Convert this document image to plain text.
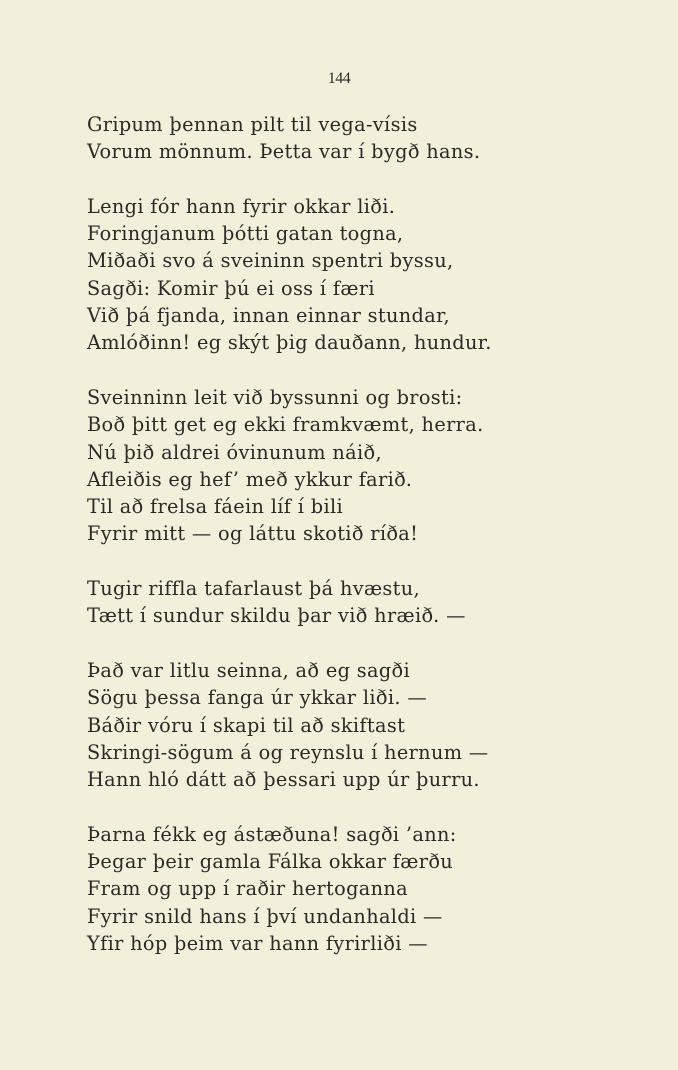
144
Gripum þennan pilt til vega-vísis
Vorum mönnum. Þetta var í bygð hans.
Lengi fór hann fyrir okkar liði.
Foringjanum þótti gatan togna,
Miðaði svo á sveininn spentri byssu,
Sagði: Komir þú ei oss í færi
Við þá fjanda, innan einnar stundar,
Amlóðinn! eg skýt þig dauðann, hundur.
Sveinninn leit við byssunni og brosti:
Boð þitt get eg ekki framkvæmt, herra.
Nú þið aldrei óvinunum náið,
Afleiðis eg hef’ með ykkur farið.
Til að frelsa fáein líf í bili
Fyrir mitt — og láttu skotið ríða!
Tugir riffla tafarlaust þá hvæstu,
Tætt í sundur skildu þar við hræið. —
Það var litlu seinna, að eg sagði
Sögu þessa fanga úr ykkar liði. —
Báðir vóru í skapi til að skiftast
Skringi-sögum á og reynslu í hernum —
Hann hló dátt að þessari upp úr þurru.
Þarna fékk eg ástæðuna! sagði ’ann:
Þegar þeir gamla Fálka okkar færðu
Fram og upp í raðir hertoganna
Fyrir snild hans í því undanhaldi —
Yfir hóp þeim var hann fyrirliði —
